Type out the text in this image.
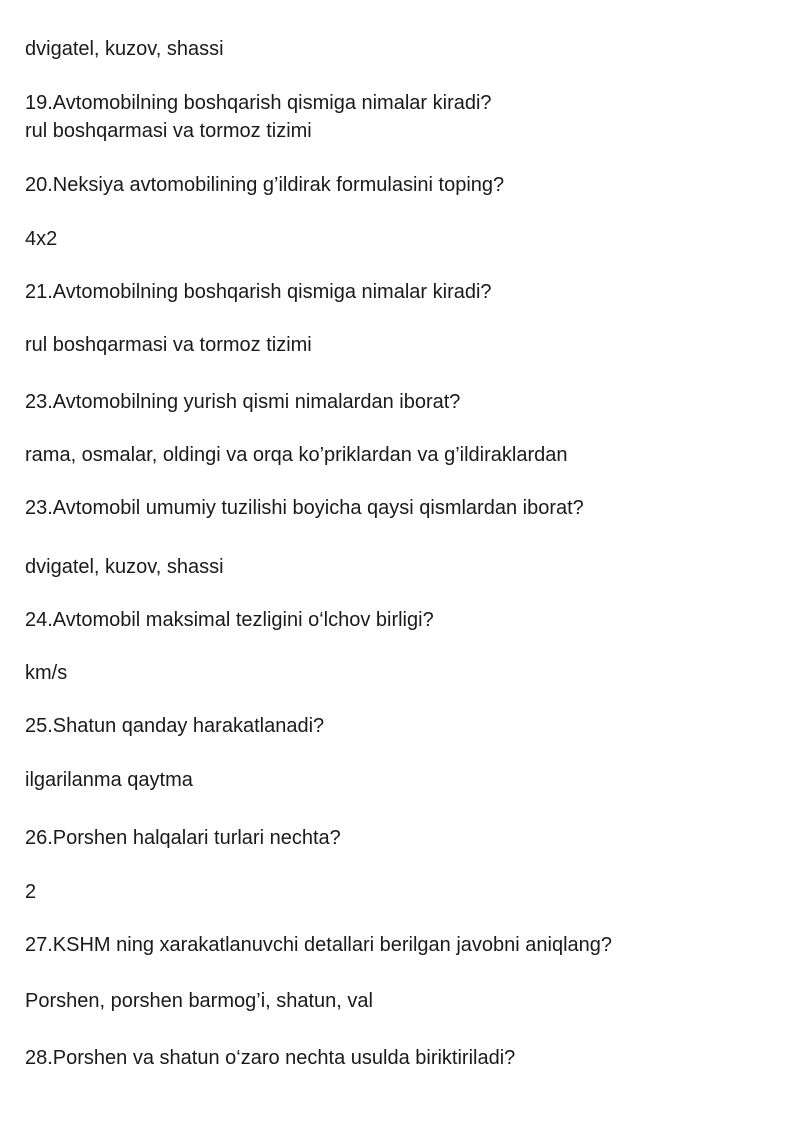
dvigatel, kuzov, shassi

19.Avtomobilning boshqarish qismiga nimalar kiradi?

rul boshqarmasi va tormoz tizimi

20.Neksiya avtomobilining g’ildirak formulasini toping?

4x2

21.Avtomobilning boshqarish qismiga nimalar kiradi?

rul boshqarmasi va tormoz tizimi

23.Avtomobilning yurish qismi nimalardan iborat?

rama, osmalar, oldingi va orqa ko’priklardan va g’ildiraklardan

23.Avtomobil umumiy tuzilishi boyicha qaysi qismlardan iborat?

dvigatel, kuzov, shassi

24.Avtomobil maksimal tezligini o‘lchov birligi?

km/s

25.Shatun qanday harakatlanadi?

ilgarilanma qaytma

26.Porshen halqalari turlari nechta?

2

27.KSHM ning xarakatlanuvchi detallari berilgan javobni aniqlang?

Porshen, porshen barmog’i, shatun, val

28.Porshen va shatun o‘zaro nechta usulda biriktiriladi?
